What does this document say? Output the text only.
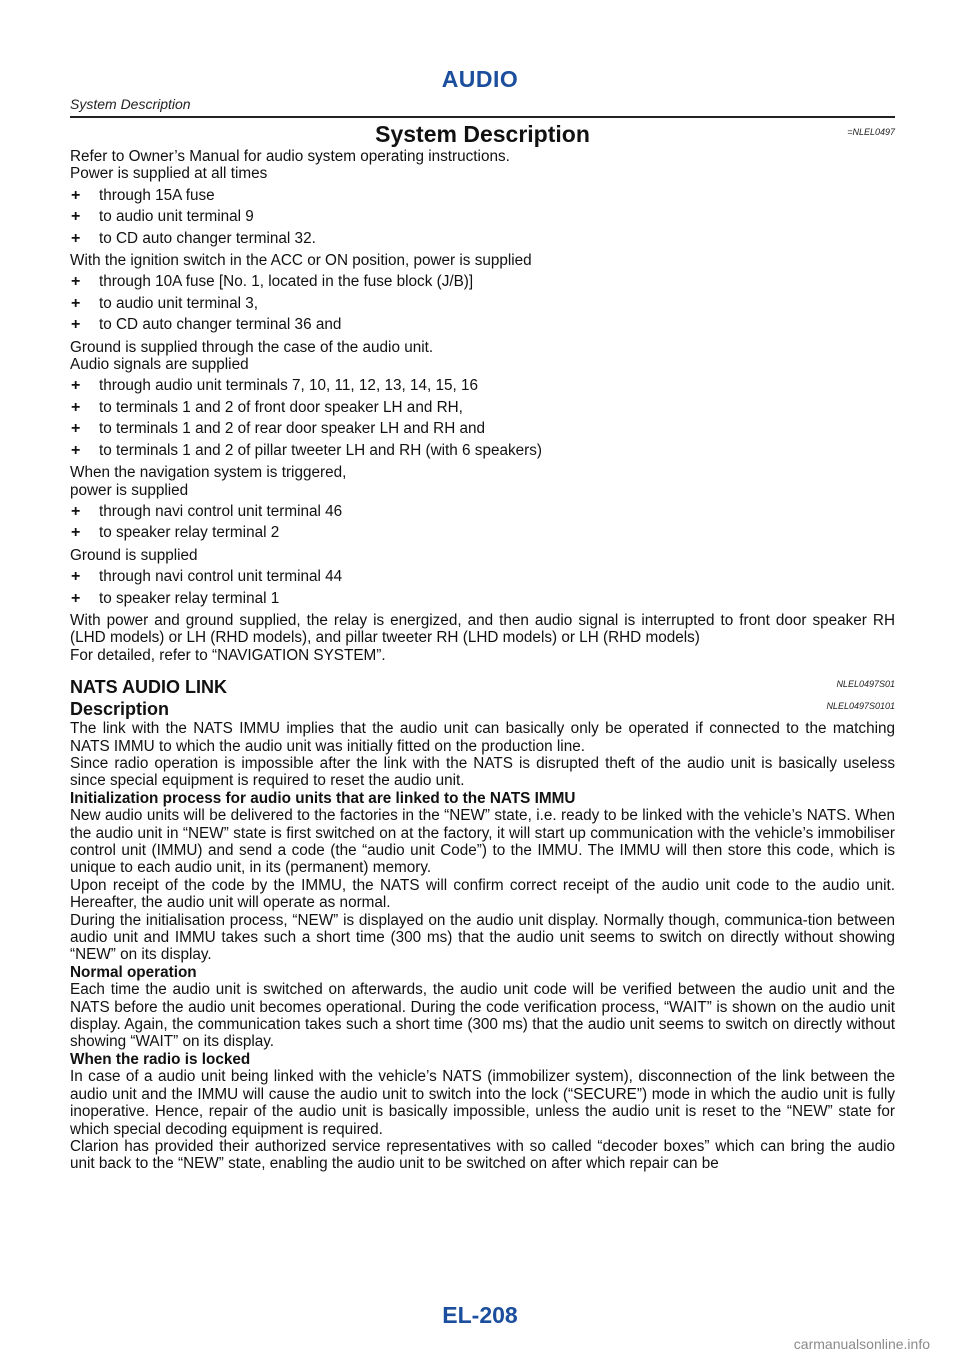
AUDIO
System Description
System Description	=NLEL0497

Refer to Owner’s Manual for audio system operating instructions.

Power is supplied at all times

+ through 15A fuse
+ to audio unit terminal 9
+ to CD auto changer terminal 32.

With the ignition switch in the ACC or ON position, power is supplied

+ through 10A fuse [No. 1, located in the fuse block (J/B)]
+ to audio unit terminal 3,
+ to CD auto changer terminal 36 and

Ground is supplied through the case of the audio unit.

Audio signals are supplied

+ through audio unit terminals 7, 10, 11, 12, 13, 14, 15, 16
+ to terminals 1 and 2 of front door speaker LH and RH,
+ to terminals 1 and 2 of rear door speaker LH and RH and
+ to terminals 1 and 2 of pillar tweeter LH and RH (with 6 speakers)

When the navigation system is triggered,

power is supplied

+ through navi control unit terminal 46
+ to speaker relay terminal 2

Ground is supplied

+ through navi control unit terminal 44
+ to speaker relay terminal 1

With power and ground supplied, the relay is energized, and then audio signal is interrupted to front door speaker RH (LHD models) or LH (RHD models), and pillar tweeter RH (LHD models) or LH (RHD models)

For detailed, refer to “NAVIGATION SYSTEM”.

NATS AUDIO LINK	NLEL0497S01
Description	NLEL0497S0101

The link with the NATS IMMU implies that the audio unit can basically only be operated if connected to the matching NATS IMMU to which the audio unit was initially fitted on the production line.

Since radio operation is impossible after the link with the NATS is disrupted theft of the audio unit is basically useless since special equipment is required to reset the audio unit.

Initialization process for audio units that are linked to the NATS IMMU

New audio units will be delivered to the factories in the “NEW” state, i.e. ready to be linked with the vehicle’s NATS. When the audio unit in “NEW” state is first switched on at the factory, it will start up communication with the vehicle’s immobiliser control unit (IMMU) and send a code (the “audio unit Code”) to the IMMU. The IMMU will then store this code, which is unique to each audio unit, in its (permanent) memory.

Upon receipt of the code by the IMMU, the NATS will confirm correct receipt of the audio unit code to the audio unit. Hereafter, the audio unit will operate as normal.

During the initialisation process, “NEW” is displayed on the audio unit display. Normally though, communica-tion between audio unit and IMMU takes such a short time (300 ms) that the audio unit seems to switch on directly without showing “NEW” on its display.

Normal operation

Each time the audio unit is switched on afterwards, the audio unit code will be verified between the audio unit and the NATS before the audio unit becomes operational. During the code verification process, “WAIT” is shown on the audio unit display. Again, the communication takes such a short time (300 ms) that the audio unit seems to switch on directly without showing “WAIT” on its display.

When the radio is locked

In case of a audio unit being linked with the vehicle’s NATS (immobilizer system), disconnection of the link between the audio unit and the IMMU will cause the audio unit to switch into the lock (“SECURE”) mode in which the audio unit is fully inoperative. Hence, repair of the audio unit is basically impossible, unless the audio unit is reset to the “NEW” state for which special decoding equipment is required.

Clarion has provided their authorized service representatives with so called “decoder boxes” which can bring the audio unit back to the “NEW” state, enabling the audio unit to be switched on after which repair can be

EL-208
carmanualsonline.info
